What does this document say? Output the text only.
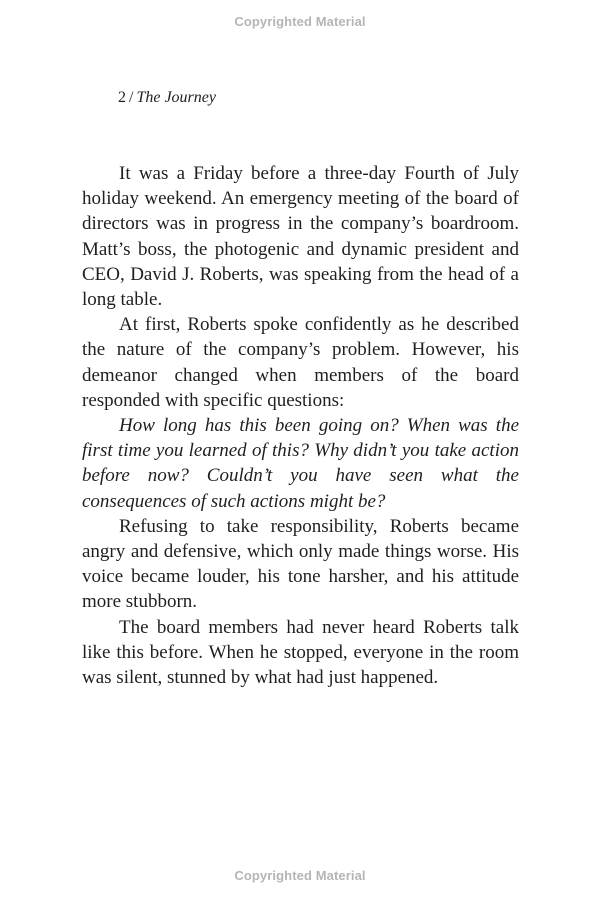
Copyrighted Material
2 / The Journey

It was a Friday before a three-day Fourth of July holiday weekend. An emergency meeting of the board of directors was in progress in the company’s boardroom. Matt’s boss, the photogenic and dynamic president and CEO, David J. Roberts, was speaking from the head of a long table.

At first, Roberts spoke confidently as he described the nature of the company’s problem. However, his demeanor changed when members of the board responded with specific questions:

How long has this been going on? When was the first time you learned of this? Why didn’t you take action before now? Couldn’t you have seen what the consequences of such actions might be?

Refusing to take responsibility, Roberts became angry and defensive, which only made things worse. His voice became louder, his tone harsher, and his attitude more stubborn.

The board members had never heard Roberts talk like this before. When he stopped, everyone in the room was silent, stunned by what had just happened.

Copyrighted Material
